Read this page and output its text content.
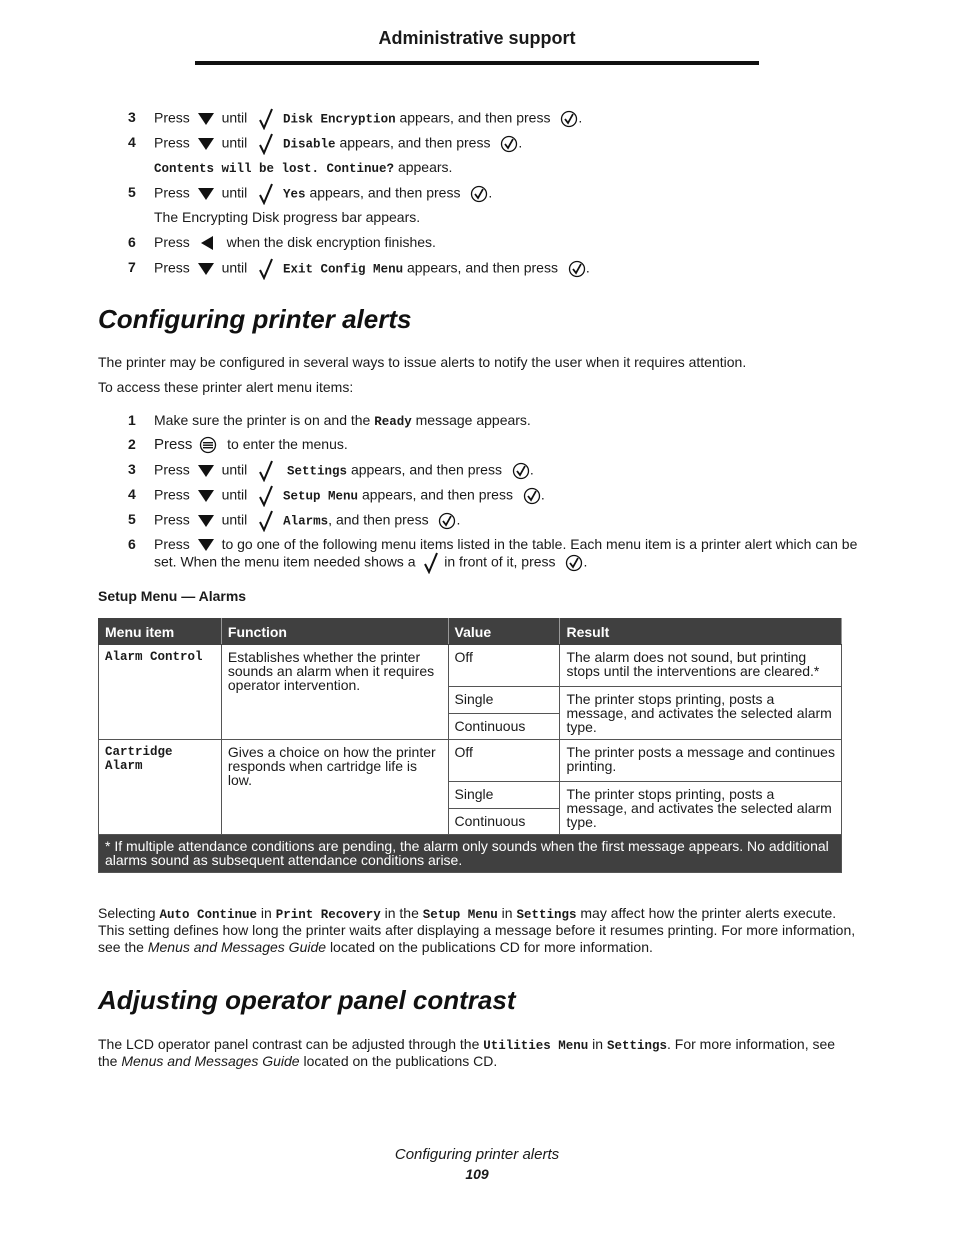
Administrative support
3 Press until	Disk Encryption appears, and then press .
4 Press until	Disable appears, and then press .
Contents will be lost. Continue? appears.
5 Press until	Yes appears, and then press .
The Encrypting Disk progress bar appears.
6 Press	when the disk encryption finishes.
7 Press until	Exit Config Menu appears, and then press .
Configuring printer alerts

The printer may be configured in several ways to issue alerts to notify the user when it requires attention.

To access these printer alert menu items:

1 Make sure the printer is on and the Ready message appears.
2 Press to enter the menus.
3 Press until	Settings appears, and then press .
4 Press until	Setup Menu appears, and then press .
5 Press until	Alarms, and then press .
6 Press to go one of the following menu items listed in the table. Each menu item is a printer alert which can be
set. When the menu item needed shows a in front of it, press .
Setup Menu — Alarms
Menu item	Function	Value	Result
Alarm Control	Establishes whether the printer sounds an alarm when it requires operator intervention.	Off	The alarm does not sound, but printing stops until the interventions are cleared.*
		Single	The printer stops printing, posts a message, and activates the selected alarm type.
		Continuous	
Cartridge Alarm	Gives a choice on how the printer responds when cartridge life is low.	Off	The printer posts a message and continues printing.
		Single	The printer stops printing, posts a message, and activates the selected alarm type.
		Continuous	
* If multiple attendance conditions are pending, the alarm only sounds when the first message appears. No additional alarms sound as subsequent attendance conditions arise.			

Selecting Auto Continue in Print Recovery in the Setup Menu in Settings may affect how the printer alerts execute.

This setting defines how long the printer waits after displaying a message before it resumes printing. For more information,

see the Menus and Messages Guide located on the publications CD for more information.

Adjusting operator panel contrast

The LCD operator panel contrast can be adjusted through the Utilities Menu in Settings. For more information, see

the Menus and Messages Guide located on the publications CD.

Configuring printer alerts
109
